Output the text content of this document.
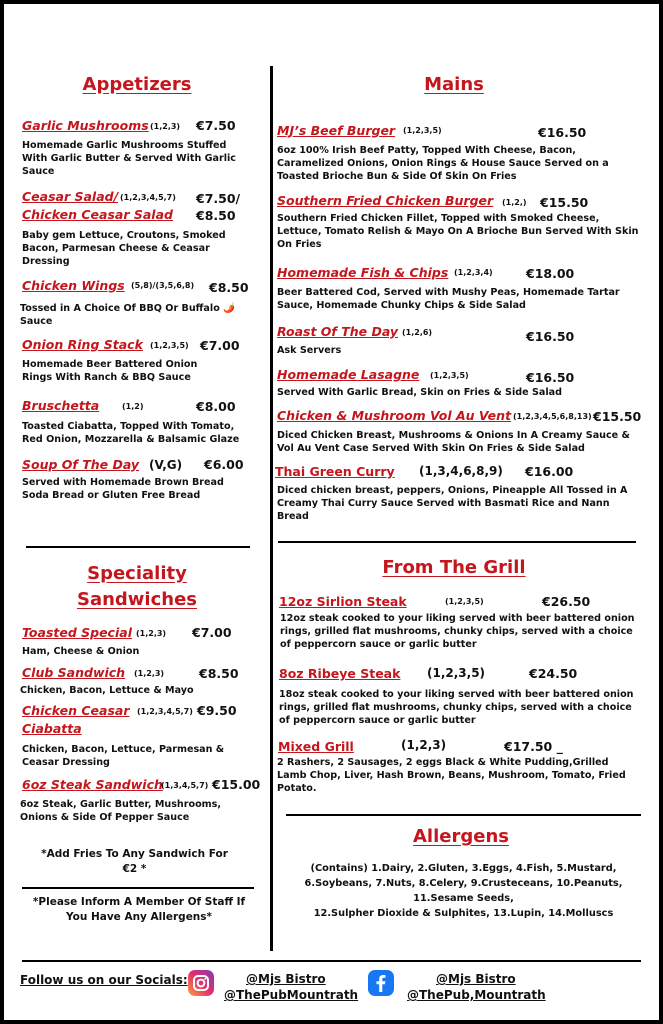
Appetizers
Garlic Mushrooms (1,2,3) €7.50
Homemade Garlic Mushrooms Stuffed With Garlic Butter & Served With Garlic Sauce
Ceasar Salad/ (1,2,3,4,5,7) €7.50/
Chicken Ceasar Salad €8.50
Baby gem Lettuce, Croutons, Smoked Bacon, Parmesan Cheese & Ceasar Dressing
Chicken Wings (5,8)/(3,5,6,8) €8.50
Tossed in A Choice Of BBQ Or Buffalo 🌶️ Sauce
Onion Ring Stack (1,2,3,5) €7.00
Homemade Beer Battered Onion Rings With Ranch & BBQ Sauce
Bruschetta	(1,2)	€8.00
Toasted Ciabatta, Topped With Tomato, Red Onion, Mozzarella & Balsamic Glaze
Soup Of The Day (V,G) €6.00
Served with Homemade Brown Bread Soda Bread or Gluten Free Bread
Speciality
Sandwiches
Toasted Special (1,2,3) €7.00
Ham, Cheese & Onion
Club Sandwich (1,2,3)	€8.50
Chicken, Bacon, Lettuce & Mayo
Chicken Ceasar (1,2,3,4,5,7) €9.50
Ciabatta
Chicken, Bacon, Lettuce, Parmesan & Ceasar Dressing
6oz Steak Sandwich
(1,3,4,5,7) €15.00
6oz Steak, Garlic Butter, Mushrooms, Onions & Side Of Pepper Sauce
*Add Fries To Any Sandwich For €2 *
*Please Inform A Member Of Staff If You Have Any Allergens*
Mains
MJ’s Beef Burger (1,2,3,5)	€16.50
6oz 100% Irish Beef Patty, Topped With Cheese, Bacon, Caramelized Onions, Onion Rings & House Sauce Served on a Toasted Brioche Bun & Side Of Skin On Fries
Southern Fried Chicken Burger (1,2,) €15.50
Southern Fried Chicken Fillet, Topped with Smoked Cheese, Lettuce, Tomato Relish & Mayo On A Brioche Bun Served With Skin On Fries
Homemade Fish & Chips (1,2,3,4)	€18.00
Beer Battered Cod, Served with Mushy Peas, Homemade Tartar Sauce, Homemade Chunky Chips & Side Salad
Roast Of The Day (1,2,6)	€16.50
Ask Servers
Homemade Lasagne (1,2,3,5)	€16.50
Served With Garlic Bread, Skin on Fries & Side Salad
Chicken & Mushroom Vol Au Vent (1,2,3,4,5,6,8,13) €15.50
Diced Chicken Breast, Mushrooms & Onions In A Creamy Sauce & Vol Au Vent Case Served With Skin On Fries & Side Salad
Thai Green Curry (1,3,4,6,8,9) €16.00
Diced chicken breast, peppers, Onions, Pineapple All Tossed in A Creamy Thai Curry Sauce Served with Basmati Rice and Nann Bread
From The Grill
12oz Sirlion Steak	(1,2,3,5)	€26.50
12oz steak cooked to your liking served with beer battered onion rings, grilled flat mushrooms, chunky chips, served with a choice of peppercorn sauce or garlic butter
8oz Ribeye Steak (1,2,3,5)	€24.50
18oz steak cooked to your liking served with beer battered onion rings, grilled flat mushrooms, chunky chips, served with a choice of peppercorn sauce or garlic butter
Mixed Grill	(1,2,3)	€17.50 _
2 Rashers, 2 Sausages, 2 eggs Black & White Pudding,Grilled Lamb Chop, Liver, Hash Brown, Beans, Mushroom, Tomato, Fried Potato.
Allergens
(Contains) 1.Dairy, 2.Gluten, 3.Eggs, 4.Fish, 5.Mustard,
6.Soybeans, 7.Nuts, 8.Celery, 9.Crusteceans, 10.Peanuts,
11.Sesame Seeds,
12.Sulpher Dioxide & Sulphites, 13.Lupin, 14.Molluscs
Follow us on our Socials:	@Mjs Bistro
@ThePubMountrath
@Mjs Bistro
@ThePub,Mountrath
